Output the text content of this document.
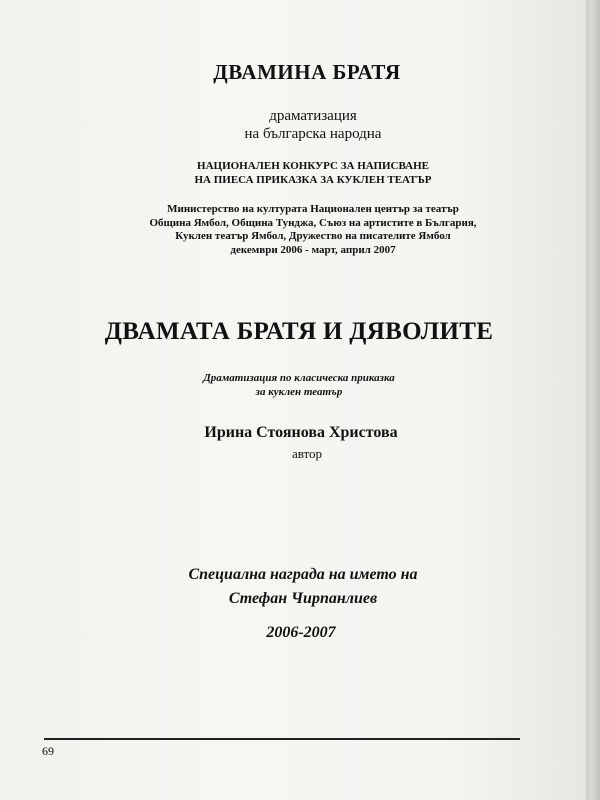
ДВАМИНА БРАТЯ
драматизация
на българска народна
НАЦИОНАЛЕН КОНКУРС ЗА НАПИСВАНЕ
НА ПИЕСА ПРИКАЗКА ЗА КУКЛЕН ТЕАТЪР
Министерство на културата Национален център за театър
Община Ямбол, Община Тунджа, Съюз на артистите в България,
Куклен театър Ямбол, Дружество на писателите Ямбол
декември 2006 - март, април 2007
ДВАМАТА БРАТЯ И ДЯВОЛИТЕ
Драматизация по класическа приказка
за куклен театър
Ирина Стоянова Христова
автор
Специална награда на името на
Стефан Чирпанлиев
2006-2007
69
